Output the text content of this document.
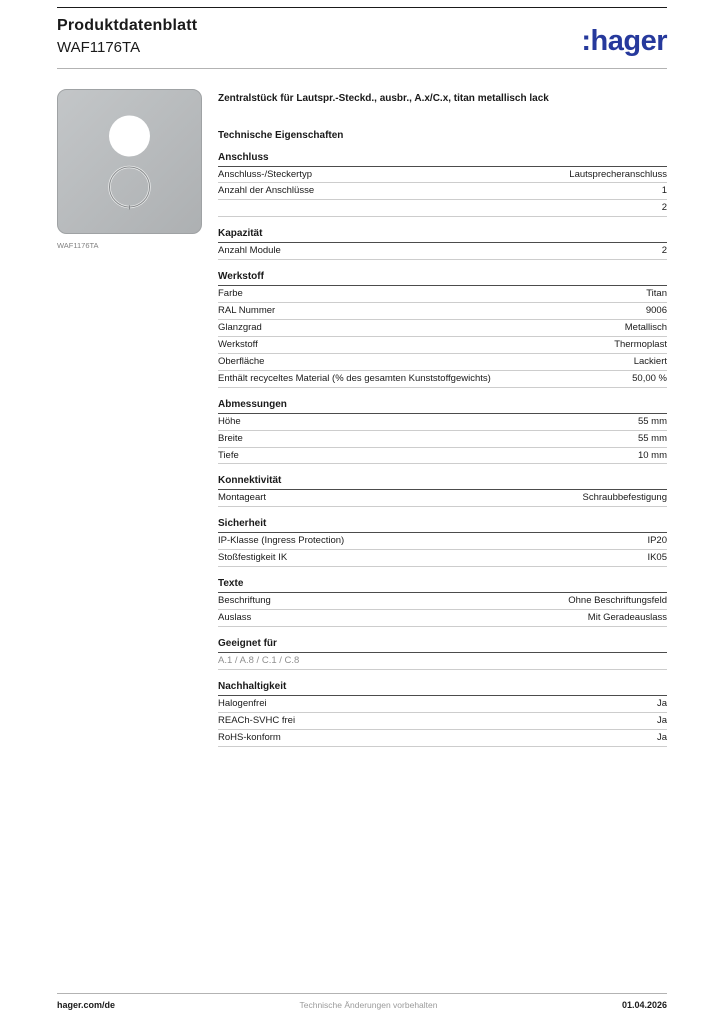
Produktdatenblatt
WAF1176TA	:hager
WAF1176TA
Zentralstück für Lautspr.-Steckd., ausbr., A.x/C.x, titan metallisch lack
Technische Eigenschaften
Anschluss
Anschluss-/Steckertyp	Lautsprecheranschluss
Anzahl der Anschlüsse	1
2
Kapazität
Anzahl Module	2
Werkstoff
Farbe	Titan
RAL Nummer	9006
Glanzgrad	Metallisch
Werkstoff	Thermoplast
Oberfläche	Lackiert
Enthält recyceltes Material (% des gesamten Kunststoffgewichts)	50,00 %
Abmessungen
Höhe	55 mm
Breite	55 mm
Tiefe	10 mm
Konnektivität
Montageart	Schraubbefestigung
Sicherheit
IP-Klasse (Ingress Protection)	IP20
Stoßfestigkeit IK	IK05
Texte
Beschriftung	Ohne Beschriftungsfeld
Auslass	Mit Geradeauslass
Geeignet für
A.1 / A.8 / C.1 / C.8
Nachhaltigkeit
Halogenfrei	Ja
REACh-SVHC frei	Ja
RoHS-konform	Ja
hager.com/de	Technische Änderungen vorbehalten	01.04.2026
